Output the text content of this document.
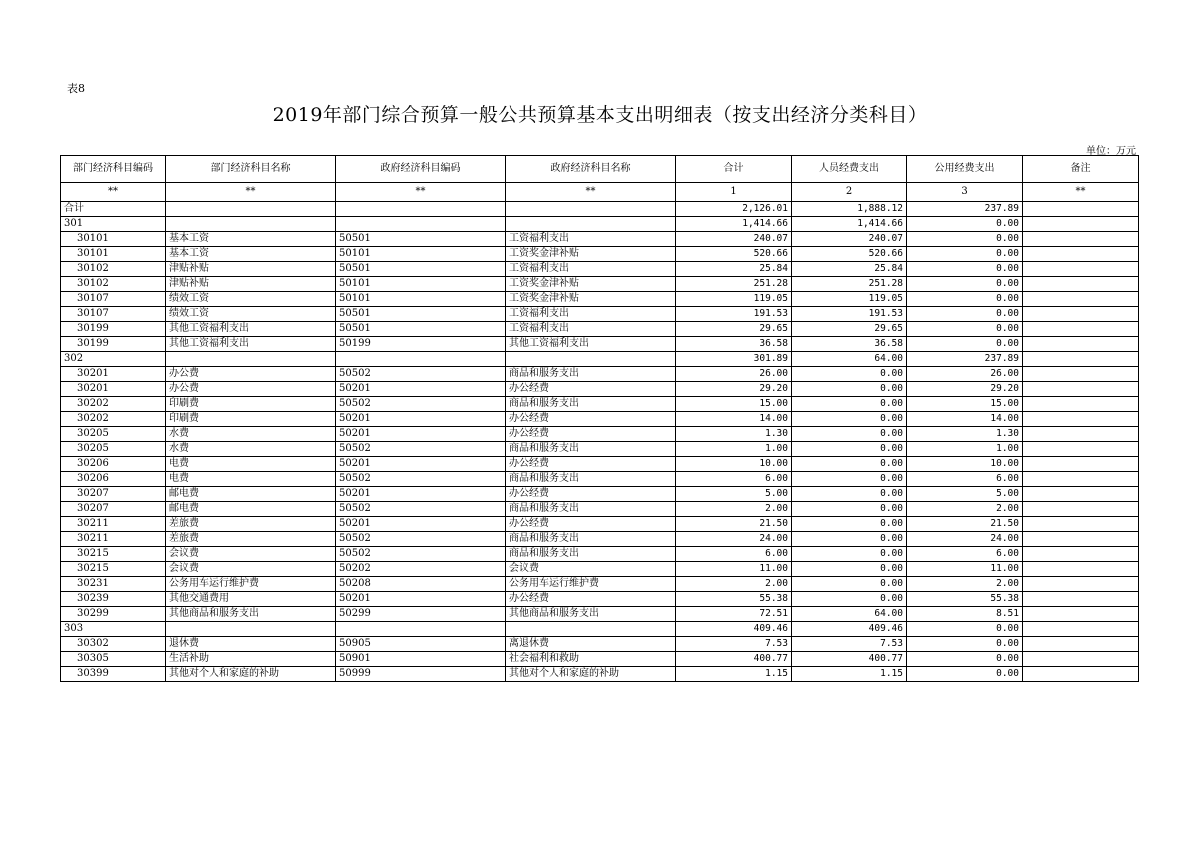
表8
2019年部门综合预算一般公共预算基本支出明细表（按支出经济分类科目）
单位：万元
部门经济科目编码	部门经济科目名称	政府经济科目编码	政府经济科目名称	合计	人员经费支出	公用经费支出	备注
**	**	**	**	1	2	3	**
合计				2,126.01	1,888.12	237.89	
301				1,414.66	1,414.66	0.00	
30101	基本工资	50501	工资福利支出	240.07	240.07	0.00	
30101	基本工资	50101	工资奖金津补贴	520.66	520.66	0.00	
30102	津贴补贴	50501	工资福利支出	25.84	25.84	0.00	
30102	津贴补贴	50101	工资奖金津补贴	251.28	251.28	0.00	
30107	绩效工资	50101	工资奖金津补贴	119.05	119.05	0.00	
30107	绩效工资	50501	工资福利支出	191.53	191.53	0.00	
30199	其他工资福利支出	50501	工资福利支出	29.65	29.65	0.00	
30199	其他工资福利支出	50199	其他工资福利支出	36.58	36.58	0.00	
302				301.89	64.00	237.89	
30201	办公费	50502	商品和服务支出	26.00	0.00	26.00	
30201	办公费	50201	办公经费	29.20	0.00	29.20	
30202	印刷费	50502	商品和服务支出	15.00	0.00	15.00	
30202	印刷费	50201	办公经费	14.00	0.00	14.00	
30205	水费	50201	办公经费	1.30	0.00	1.30	
30205	水费	50502	商品和服务支出	1.00	0.00	1.00	
30206	电费	50201	办公经费	10.00	0.00	10.00	
30206	电费	50502	商品和服务支出	6.00	0.00	6.00	
30207	邮电费	50201	办公经费	5.00	0.00	5.00	
30207	邮电费	50502	商品和服务支出	2.00	0.00	2.00	
30211	差旅费	50201	办公经费	21.50	0.00	21.50	
30211	差旅费	50502	商品和服务支出	24.00	0.00	24.00	
30215	会议费	50502	商品和服务支出	6.00	0.00	6.00	
30215	会议费	50202	会议费	11.00	0.00	11.00	
30231	公务用车运行维护费	50208	公务用车运行维护费	2.00	0.00	2.00	
30239	其他交通费用	50201	办公经费	55.38	0.00	55.38	
30299	其他商品和服务支出	50299	其他商品和服务支出	72.51	64.00	8.51	
303				409.46	409.46	0.00	
30302	退休费	50905	离退休费	7.53	7.53	0.00	
30305	生活补助	50901	社会福利和救助	400.77	400.77	0.00	
30399	其他对个人和家庭的补助	50999	其他对个人和家庭的补助	1.15	1.15	0.00	
